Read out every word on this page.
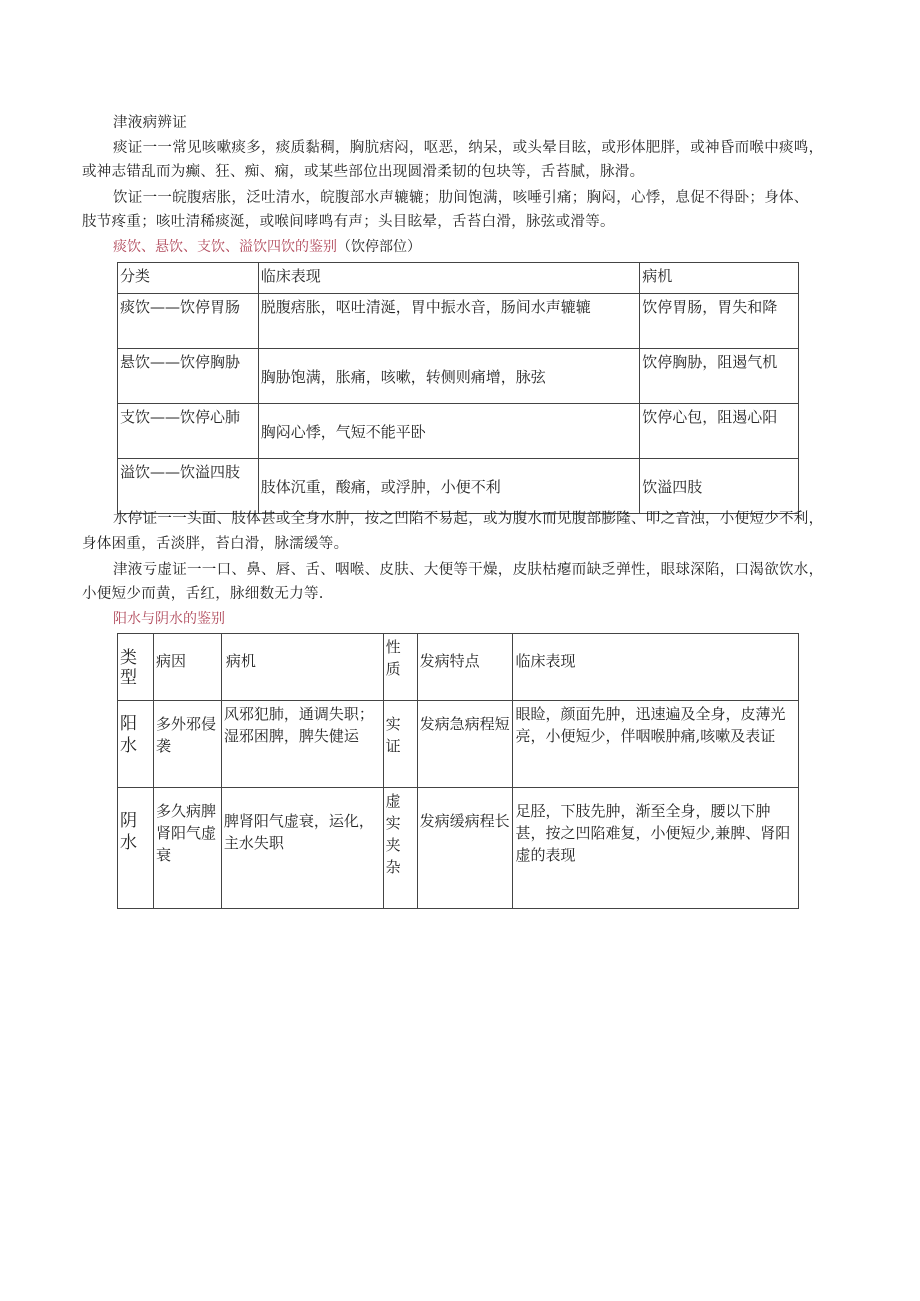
津液病辨证
痰证一一常见咳嗽痰多，痰质黏稠，胸肮痞闷，呕恶，纳呆，或头晕目眩，或形体肥胖，或神昏而喉中痰鸣，
或神志错乱而为癫、狂、痴、痫，或某些部位出现圆滑柔韧的包块等，舌苔腻，脉滑。
饮证一一皖腹痞胀，泛吐清水，皖腹部水声辘辘；肋间饱满，咳唾引痛；胸闷，心悸，息促不得卧；身体、
肢节疼重；咳吐清稀痰涎，或喉间哮鸣有声；头目眩晕，舌苔白滑，脉弦或滑等。
痰饮、悬饮、支饮、溢饮四饮的鉴别（饮停部位）
分类	临床表现	病机
痰饮——饮停胃肠	脱腹痞胀，呕吐清涎，胃中振水音，肠间水声辘辘	饮停胃肠，胃失和降
悬饮——饮停胸胁	胸胁饱满，胀痛，咳嗽，转侧则痛增，脉弦	饮停胸胁，阻遏气机
支饮——饮停心肺	胸闷心悸，气短不能平卧	饮停心包，阻遏心阳
溢饮——饮溢四肢	肢体沉重，酸痛，或浮肿，小便不利	饮溢四肢
水停证一一头面、肢体甚或全身水肿，按之凹陷不易起，或为腹水而见腹部膨隆、叩之音浊，小便短少不利，
身体困重，舌淡胖，苔白滑，脉濡缓等。
津液亏虚证一一口、鼻、唇、舌、咽喉、皮肤、大便等干燥，皮肤枯瘪而缺乏弹性，眼球深陷，口渴欲饮水，
小便短少而黄，舌红，脉细数无力等.
阳水与阴水的鉴别
类型	病因	病机	性质	发病特点	临床表现
阳水	多外邪侵袭	风邪犯肺，通调失职；湿邪困脾，脾失健运	实证	发病急病程短	眼睑，颜面先肿，迅速遍及全身，皮薄光亮，小便短少，伴咽喉肿痛,咳嗽及表证
阴水	多久病脾肾阳气虚衰	脾肾阳气虚衰，运化，主水失职	虚实夹杂	发病缓病程长	足胫，下肢先肿，渐至全身，腰以下肿甚，按之凹陷难复，小便短少,兼脾、肾阳虚的表现
